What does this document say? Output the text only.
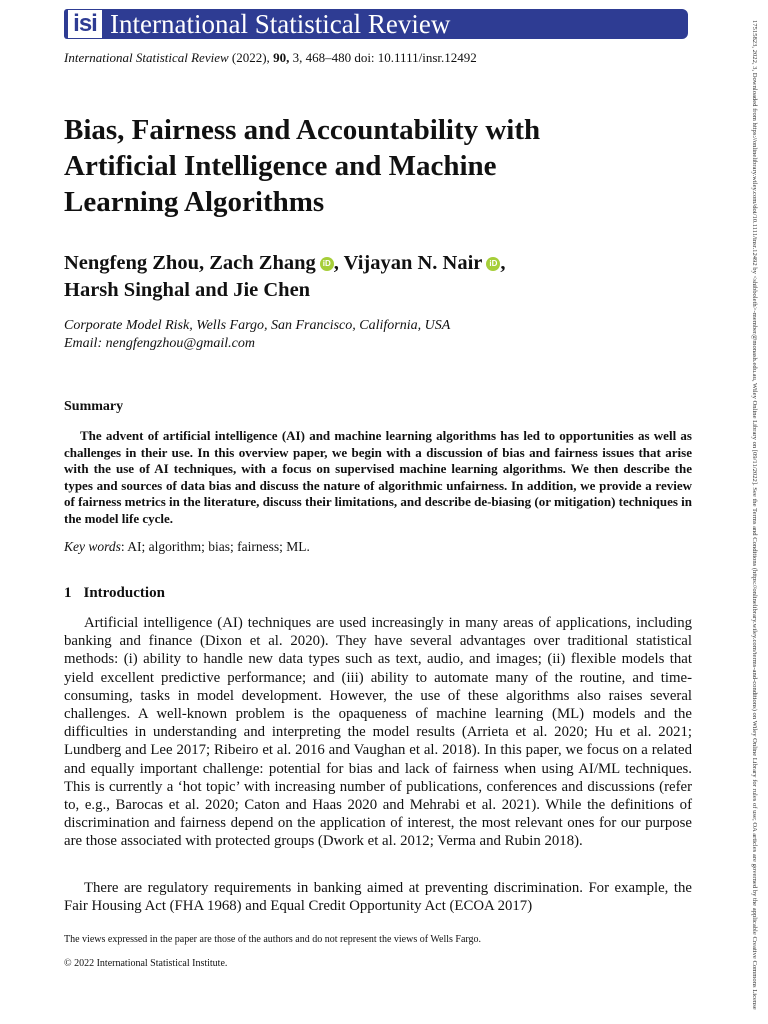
isi International Statistical Review
International Statistical Review (2022), 90, 3, 468–480 doi: 10.1111/insr.12492	17515823, 2022, 3, Downloaded from https://onlinelibrary.wiley.com/doi/10.1111/insr.12492 by <shibboleth>-member@monash.edu.au, Wiley Online Library on [09/11/2022]. See the Terms and Conditions (https://onlinelibrary.wiley.com/terms-and-conditions) on Wiley Online Library for rules of use; OA articles are governed by the applicable Creative Commons License
Bias, Fairness and Accountability with
Artificial Intelligence and Machine
Learning Algorithms

Nengfeng Zhou, Zach Zhang iD , Vijayan N. Nair iD ,
Harsh Singhal and Jie Chen

Corporate Model Risk, Wells Fargo, San Francisco, California, USA
Email: nengfengzhou@gmail.com
Summary

The advent of artificial intelligence (AI) and machine learning algorithms has led to opportunities as well as challenges in their use. In this overview paper, we begin with a discussion of bias and fairness issues that arise with the use of AI techniques, with a focus on supervised machine learning algorithms. We then describe the types and sources of data bias and discuss the nature of algorithmic unfairness. In addition, we provide a review of fairness metrics in the literature, discuss their limitations, and describe de-biasing (or mitigation) techniques in the model life cycle.

Key words: AI; algorithm; bias; fairness; ML.
1 Introduction

Artificial intelligence (AI) techniques are used increasingly in many areas of applications, including banking and finance (Dixon et al. 2020). They have several advantages over traditional statistical methods: (i) ability to handle new data types such as text, audio, and images; (ii) flexible models that yield excellent predictive performance; and (iii) ability to automate many of the routine, and time-consuming, tasks in model development. However, the use of these algorithms also raises several challenges. A well-known problem is the opaqueness of machine learning (ML) models and the difficulties in understanding and interpreting the model results (Arrieta et al. 2020; Hu et al. 2021; Lundberg and Lee 2017; Ribeiro et al. 2016 and Vaughan et al. 2018). In this paper, we focus on a related and equally important challenge: potential for bias and lack of fairness when using AI/ML techniques. This is currently a ‘hot topic’ with increasing number of publications, conferences and discussions (refer to, e.g., Barocas et al. 2020; Caton and Haas 2020 and Mehrabi et al. 2021). While the definitions of discrimination and fairness depend on the application of interest, the most relevant ones for our purpose are those associated with protected groups (Dwork et al. 2012; Verma and Rubin 2018).

There are regulatory requirements in banking aimed at preventing discrimination. For example, the Fair Housing Act (FHA 1968) and Equal Credit Opportunity Act (ECOA 2017)

The views expressed in the paper are those of the authors and do not represent the views of Wells Fargo.
© 2022 International Statistical Institute.
